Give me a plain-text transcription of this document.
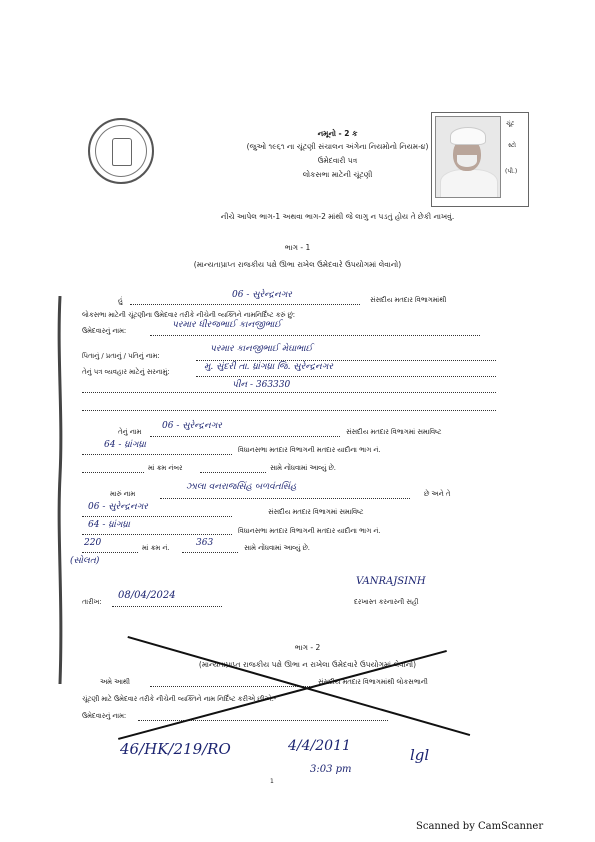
નમૂનો - 2 ક
(જુઓ ૧૯૬૧ ના ચૂંટણી સંચાલન અંગેના નિયમોનો નિયમ-૪)
ઉમેદવારી પત્ર
લોકસભા માટેની ચૂંટણી
નીચે આપેલ ભાગ-1 અથવા ભાગ-2 માંથી જે લાગુ ન પડતું હોય તે છેકી નાખવું.
ચૂંટ
સ્ટો
(પી.)
ભાગ - 1
(માન્યતાપ્રાપ્ત રાજકીય પક્ષે ઊભા રાખેલ ઉમેદવારે ઉપયોગમાં લેવાનો)
હું	06 - સુરેન્દ્રનગર	સંસદીય મતદાર વિભાગમાંથી
લોકસભા માટેની ચૂંટણીના ઉમેદવાર તરીકે નીચેની વ્યક્તિને નામનિર્દિષ્ટ કરું છું:
ઉમેદવારનું નામ:
પરમાર ધીરજભાઈ કાનજીભાઈ
પિતાનું / પ્રતાનું / પતિનું નામ:
પરમાર કાનજીભાઈ મેઘાભાઈ
તેનું પત્ર વ્યવહાર માટેનું સરનામું:	મુ. સુંદરી તા. ધ્રાંગધ્રા જિ. સુરેન્દ્રનગર
પીન - 363330
તેનું નામ
06 - સુરેન્દ્રનગર
સંસદીય મતદાર વિભાગમાં સમાવિષ્ટ
64 - ધ્રાંગધ્રા	વિધાનસભા મતદાર વિભાગની મતદાર યાદીના ભાગ નં.
માં ક્રમ નંબર	સામે નોંધવામાં આવ્યું છે.
મારું નામ
ઝાલા વનરાજસિંહ બળવંતસિંહ
છે અને તે
06 - સુરેન્દ્રનગર	સંસદીય મતદાર વિભાગમાં સમાવિષ્ટ
64 - ધ્રાંગધ્રા
વિધાનસભા મતદાર વિભાગની મતદાર યાદીના ભાગ નં.
220	માં ક્રમ નં.	363	સામે નોંધવામાં આવ્યું છે.
(સોલત)
તારીખ:
08/04/2024
VANRAJSINH
દરખાસ્ત કરનારની સહી
ભાગ - 2
(માન્યતાપ્રાપ્ત રાજકીય પક્ષે ઊભા ન રાખેલા ઉમેદવારે ઉપયોગમાં લેવાનો)
અમે આથી	સંસદીય મતદાર વિભાગમાંથી લોકસભાની
ચૂંટણી માટે ઉમેદવાર તરીકે નીચેની વ્યક્તિને નામ નિર્દિષ્ટ કરીએ છીએ:-
ઉમેદવારનું નામ:
46/HK/219/RO	4/4/2011
3:03 pm
lgl
1
Scanned by CamScanner
